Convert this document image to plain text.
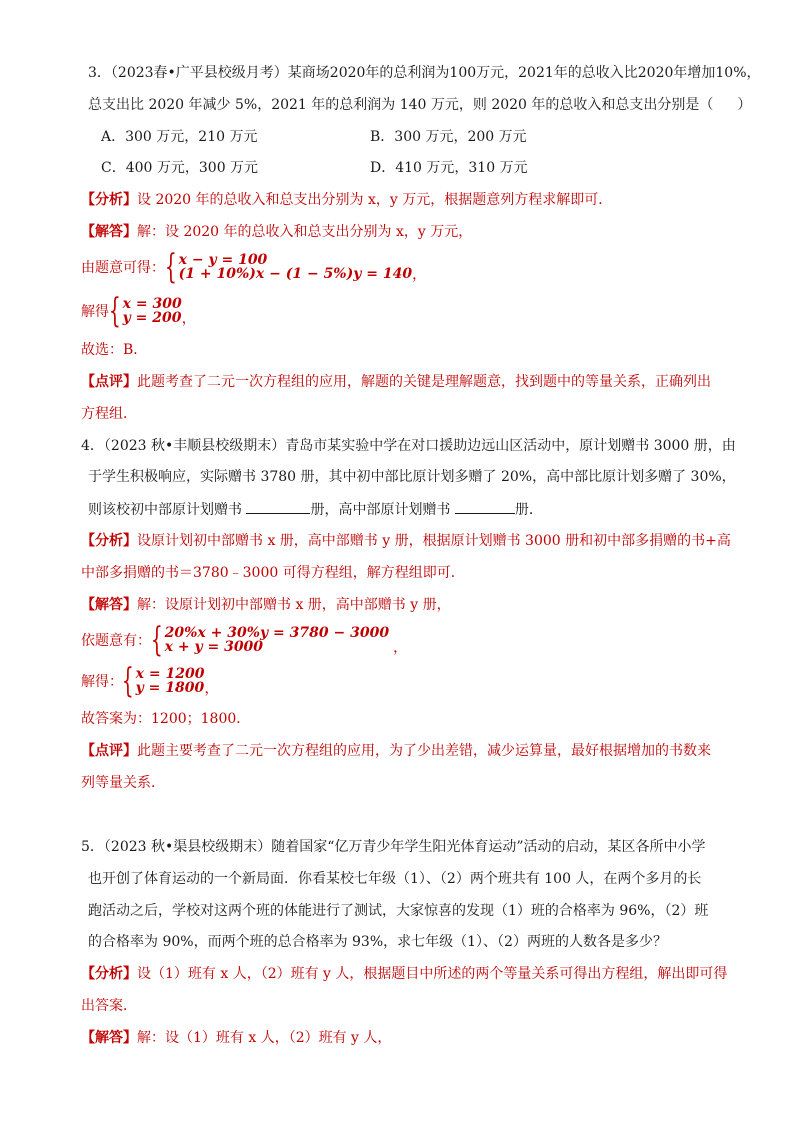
3．（2023春•广平县校级月考）某商场2020年的总利润为100万元，2021年的总收入比2020年增加10%，
总支出比 2020 年减少 5%，2021 年的总利润为 140 万元，则 2020 年的总收入和总支出分别是（ ）
A．300 万元，210 万元	B．300 万元，200 万元
C．400 万元，300 万元	D．410 万元，310 万元
【分析】设 2020 年的总收入和总支出分别为 x，y 万元，根据题意列方程求解即可．
【解答】解：设 2020 年的总收入和总支出分别为 x，y 万元，
由题意可得： { x − y = 100
(1 + 10%)x − (1 − 5%)y = 140 ，
解得 { x = 300
y = 200 ，
故选：B．
【点评】此题考查了二元一次方程组的应用，解题的关键是理解题意，找到题中的等量关系，正确列出
方程组．
4．（2023 秋•丰顺县校级期末）青岛市某实验中学在对口援助边远山区活动中，原计划赠书 3000 册，由
于学生积极响应，实际赠书 3780 册，其中初中部比原计划多赠了 20%，高中部比原计划多赠了 30%，
则该校初中部原计划赠书	册，高中部原计划赠书	册．
【分析】设原计划初中部赠书 x 册，高中部赠书 y 册，根据原计划赠书 3000 册和初中部多捐赠的书+高
中部多捐赠的书＝3780﹣3000 可得方程组，解方程组即可．
【解答】解：设原计划初中部赠书 x 册，高中部赠书 y 册，
依题意有： { 20%x + 30%y = 3780 − 3000
x + y = 3000	，
解得：
{ x = 1200
y = 1800 ，
故答案为：1200；1800．
【点评】此题主要考查了二元一次方程组的应用，为了少出差错，减少运算量，最好根据增加的书数来
列等量关系．
5．（2023 秋•渠县校级期末）随着国家“亿万青少年学生阳光体育运动”活动的启动，某区各所中小学
也开创了体育运动的一个新局面．你看某校七年级（1）、（2）两个班共有 100 人，在两个多月的长
跑活动之后，学校对这两个班的体能进行了测试，大家惊喜的发现（1）班的合格率为 96%，（2）班
的合格率为 90%，而两个班的总合格率为 93%，求七年级（1）、（2）两班的人数各是多少？
【分析】设（1）班有 x 人，（2）班有 y 人，根据题目中所述的两个等量关系可得出方程组，解出即可得
出答案．
【解答】解：设（1）班有 x 人，（2）班有 y 人，
